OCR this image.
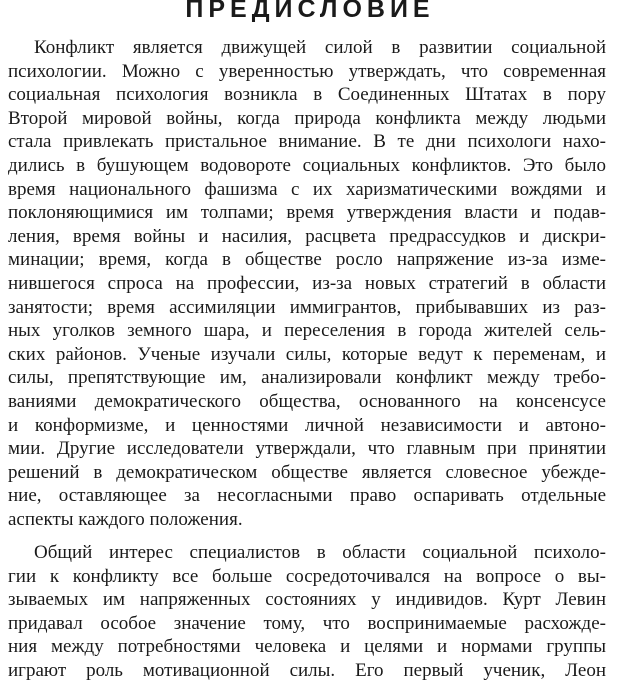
ПРЕДИСЛОВИЕ
Конфликт является движущей силой в развитии социальной
психологии. Можно с уверенностью утверждать, что современная
социальная психология возникла в Соединенных Штатах в пору
Второй мировой войны, когда природа конфликта между людьми
стала привлекать пристальное внимание. В те дни психологи нахо-
дились в бушующем водовороте социальных конфликтов. Это было
время национального фашизма с их харизматическими вождями и
поклоняющимися им толпами; время утверждения власти и подав-
ления, время войны и насилия, расцвета предрассудков и дискри-
минации; время, когда в обществе росло напряжение из-за измe-
нившегося спроса на профессии, из-за новых стратегий в области
занятости; время ассимиляции иммигрантов, прибывавших из раз-
ных уголков земного шара, и переселения в города жителей сель-
ских районов. Ученые изучали силы, которые ведут к переменам, и
силы, препятствующие им, анализировали конфликт между требо-
ваниями демократического общества, основанного на консенсусе
и конформизме, и ценностями личной независимости и автоно-
мии. Другие исследователи утверждали, что главным при принятии
решений в демократическом обществе является словесное убежде-
ние, оставляющее за несогласными право оспаривать отдельные
аспекты каждого положения.
Общий интерес специалистов в области социальной психоло-
гии к конфликту все больше сосредоточивался на вопросе о вы-
зываемых им напряженных состояниях у индивидов. Курт Левин
придавал особое значение тому, что воспринимаемые расхожде-
ния между потребностями человека и целями и нормами группы
играют роль мотивационной силы. Его первый ученик, Леон
